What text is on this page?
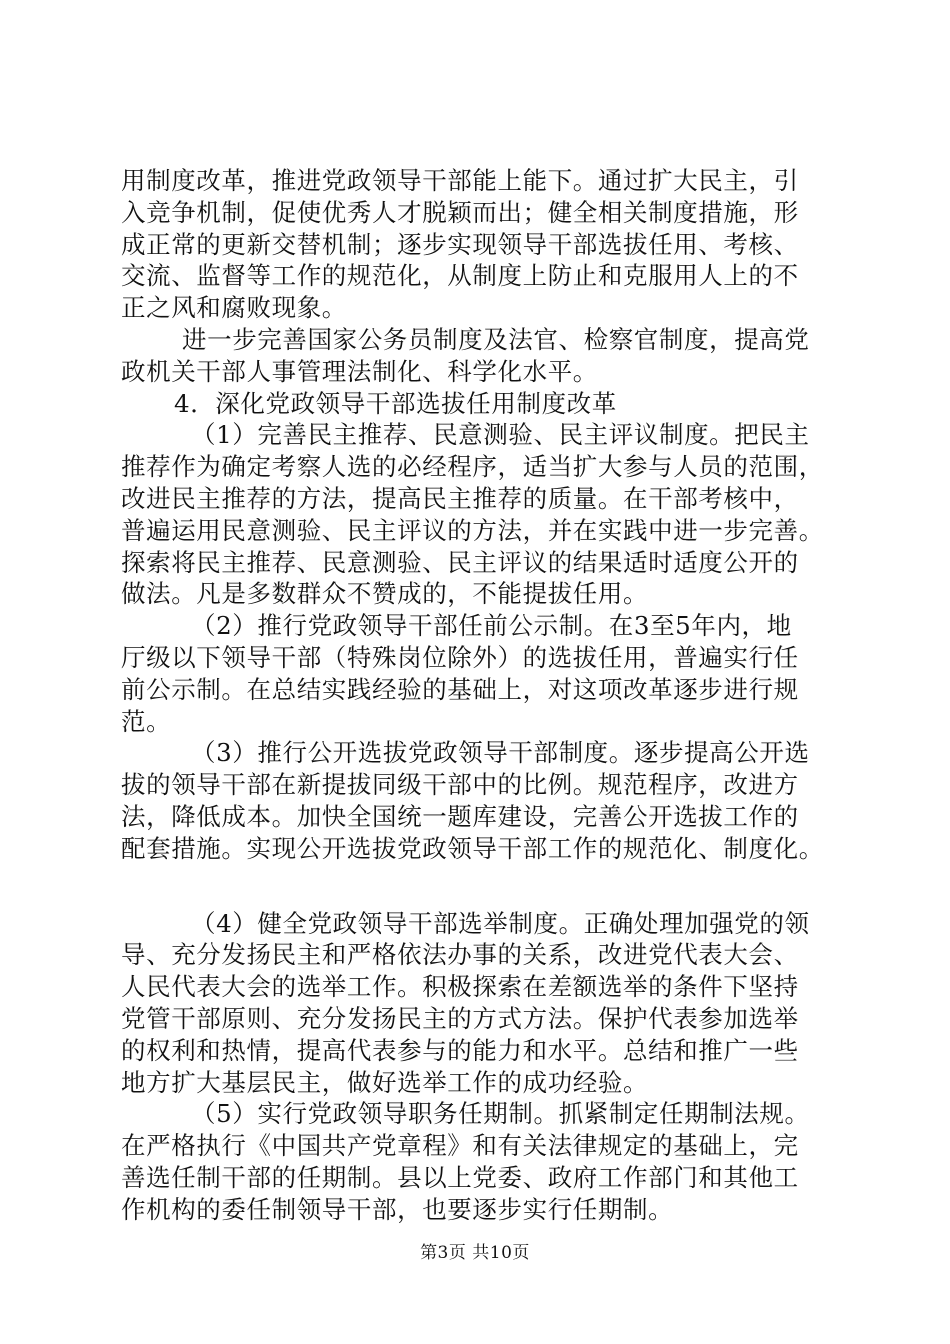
用制度改革，推进党政领导干部能上能下。通过扩大民主，引
入竞争机制，促使优秀人才脱颖而出；健全相关制度措施，形
成正常的更新交替机制；逐步实现领导干部选拔任用、考核、
交流、监督等工作的规范化，从制度上防止和克服用人上的不
正之风和腐败现象。
进一步完善国家公务员制度及法官、检察官制度，提高党
政机关干部人事管理法制化、科学化水平。
4．深化党政领导干部选拔任用制度改革
（1）完善民主推荐、民意测验、民主评议制度。把民主
推荐作为确定考察人选的必经程序，适当扩大参与人员的范围，
改进民主推荐的方法，提高民主推荐的质量。在干部考核中，
普遍运用民意测验、民主评议的方法，并在实践中进一步完善。
探索将民主推荐、民意测验、民主评议的结果适时适度公开的
做法。凡是多数群众不赞成的，不能提拔任用。
（2）推行党政领导干部任前公示制。在3至5年内，地
厅级以下领导干部（特殊岗位除外）的选拔任用，普遍实行任
前公示制。在总结实践经验的基础上，对这项改革逐步进行规
范。
（3）推行公开选拔党政领导干部制度。逐步提高公开选
拔的领导干部在新提拔同级干部中的比例。规范程序，改进方
法，降低成本。加快全国统一题库建设，完善公开选拔工作的
配套措施。实现公开选拔党政领导干部工作的规范化、制度化。
（4）健全党政领导干部选举制度。正确处理加强党的领
导、充分发扬民主和严格依法办事的关系，改进党代表大会、
人民代表大会的选举工作。积极探索在差额选举的条件下坚持
党管干部原则、充分发扬民主的方式方法。保护代表参加选举
的权利和热情，提高代表参与的能力和水平。总结和推广一些
地方扩大基层民主，做好选举工作的成功经验。
（5）实行党政领导职务任期制。抓紧制定任期制法规。
在严格执行《中国共产党章程》和有关法律规定的基础上，完
善选任制干部的任期制。县以上党委、政府工作部门和其他工
作机构的委任制领导干部，也要逐步实行任期制。
第3页 共10页
